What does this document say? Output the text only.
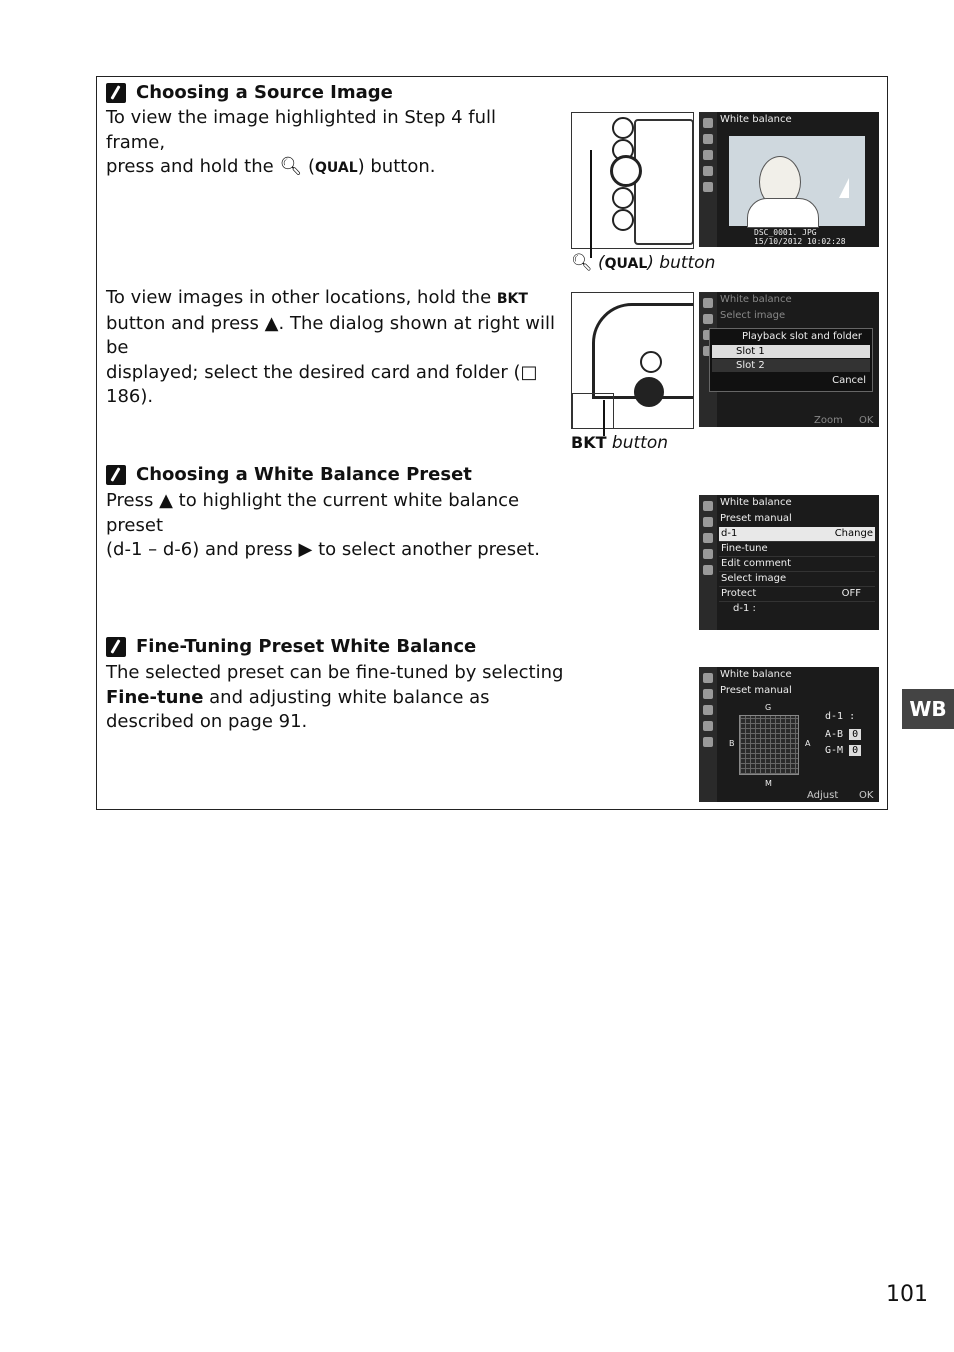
Choosing a Source Image
To view the image highlighted in Step 4 full frame,
press and hold the 🔍︎ (QUAL) button.
White balance
DSC_0001. JPG
15/10/2012 10:02:28
🔍︎ (QUAL) button
To view images in other locations, hold the BKT
button and press ▲. The dialog shown at right will be
displayed; select the desired card and folder (□ 186).
White balance
Select image
Playback slot and folder
Slot 1
Slot 2
Cancel
Zoom OK
BKT button
Choosing a White Balance Preset
Press ▲ to highlight the current white balance preset
(d-1 – d-6) and press ▶ to select another preset.
White balance
Preset manual
d-1	Change
Fine-tune
Edit comment
Select image
Protect	OFF
d-1 :
Fine-Tuning Preset White Balance
The selected preset can be fine-tuned by selecting
Fine-tune and adjusting white balance as
described on page 91.
White balance
Preset manual
G
M
B	A
d-1 :
A-B 0
G-M 0
Adjust OK
WB
101
